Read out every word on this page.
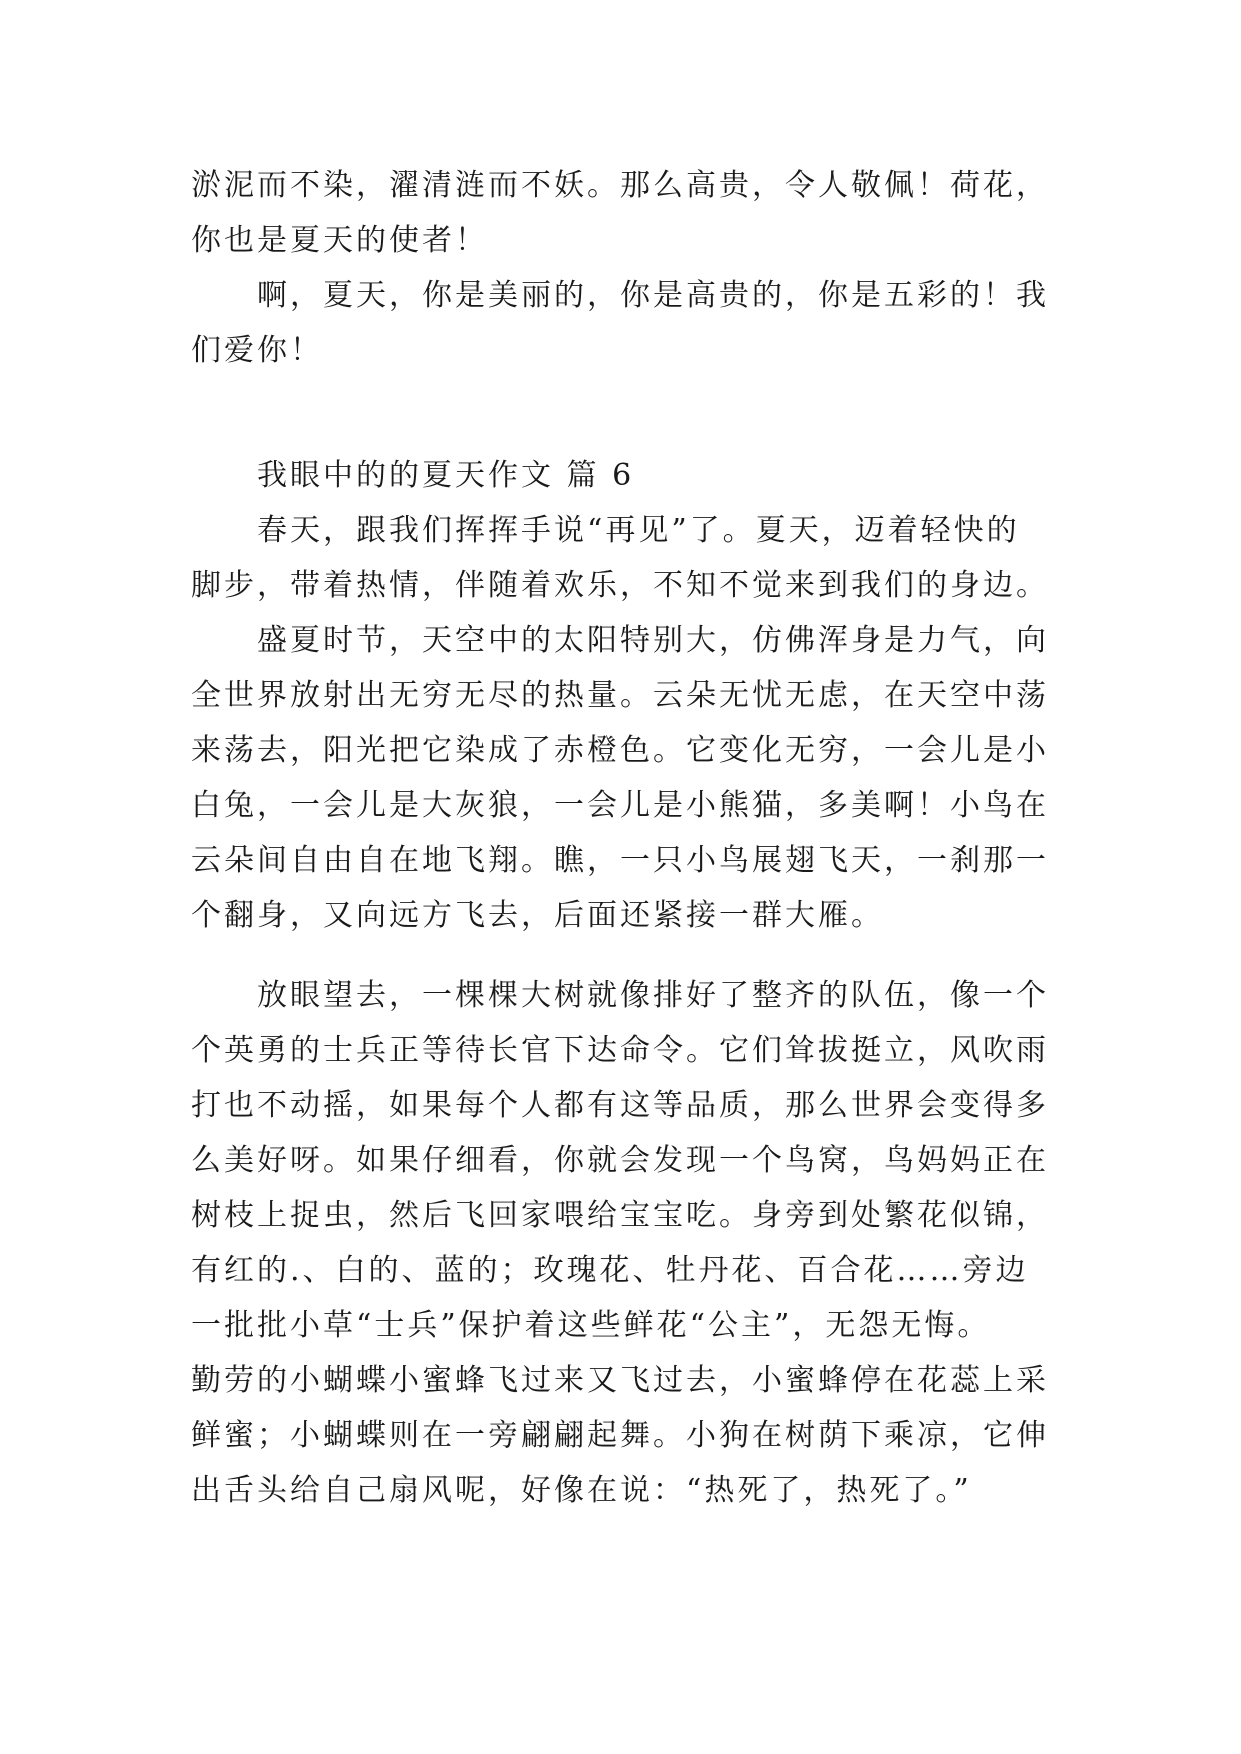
淤泥而不染，濯清涟而不妖。那么高贵，令人敬佩！荷花，
你也是夏天的使者！
啊，夏天，你是美丽的，你是高贵的，你是五彩的！我
们爱你！
我眼中的的夏天作文 篇 6
春天，跟我们挥挥手说“再见”了。夏天，迈着轻快的
脚步，带着热情，伴随着欢乐，不知不觉来到我们的身边。
盛夏时节，天空中的太阳特别大，仿佛浑身是力气，向
全世界放射出无穷无尽的热量。云朵无忧无虑，在天空中荡
来荡去，阳光把它染成了赤橙色。它变化无穷，一会儿是小
白兔，一会儿是大灰狼，一会儿是小熊猫，多美啊！小鸟在
云朵间自由自在地飞翔。瞧，一只小鸟展翅飞天，一刹那一
个翻身，又向远方飞去，后面还紧接一群大雁。
放眼望去，一棵棵大树就像排好了整齐的队伍，像一个
个英勇的士兵正等待长官下达命令。它们耸拔挺立，风吹雨
打也不动摇，如果每个人都有这等品质，那么世界会变得多
么美好呀。如果仔细看，你就会发现一个鸟窝，鸟妈妈正在
树枝上捉虫，然后飞回家喂给宝宝吃。身旁到处繁花似锦，
有红的.、白的、蓝的；玫瑰花、牡丹花、百合花……旁边
一批批小草“士兵”保护着这些鲜花“公主”，无怨无悔。
勤劳的小蝴蝶小蜜蜂飞过来又飞过去，小蜜蜂停在花蕊上采
鲜蜜；小蝴蝶则在一旁翩翩起舞。小狗在树荫下乘凉，它伸
出舌头给自己扇风呢，好像在说：“热死了，热死了。”
